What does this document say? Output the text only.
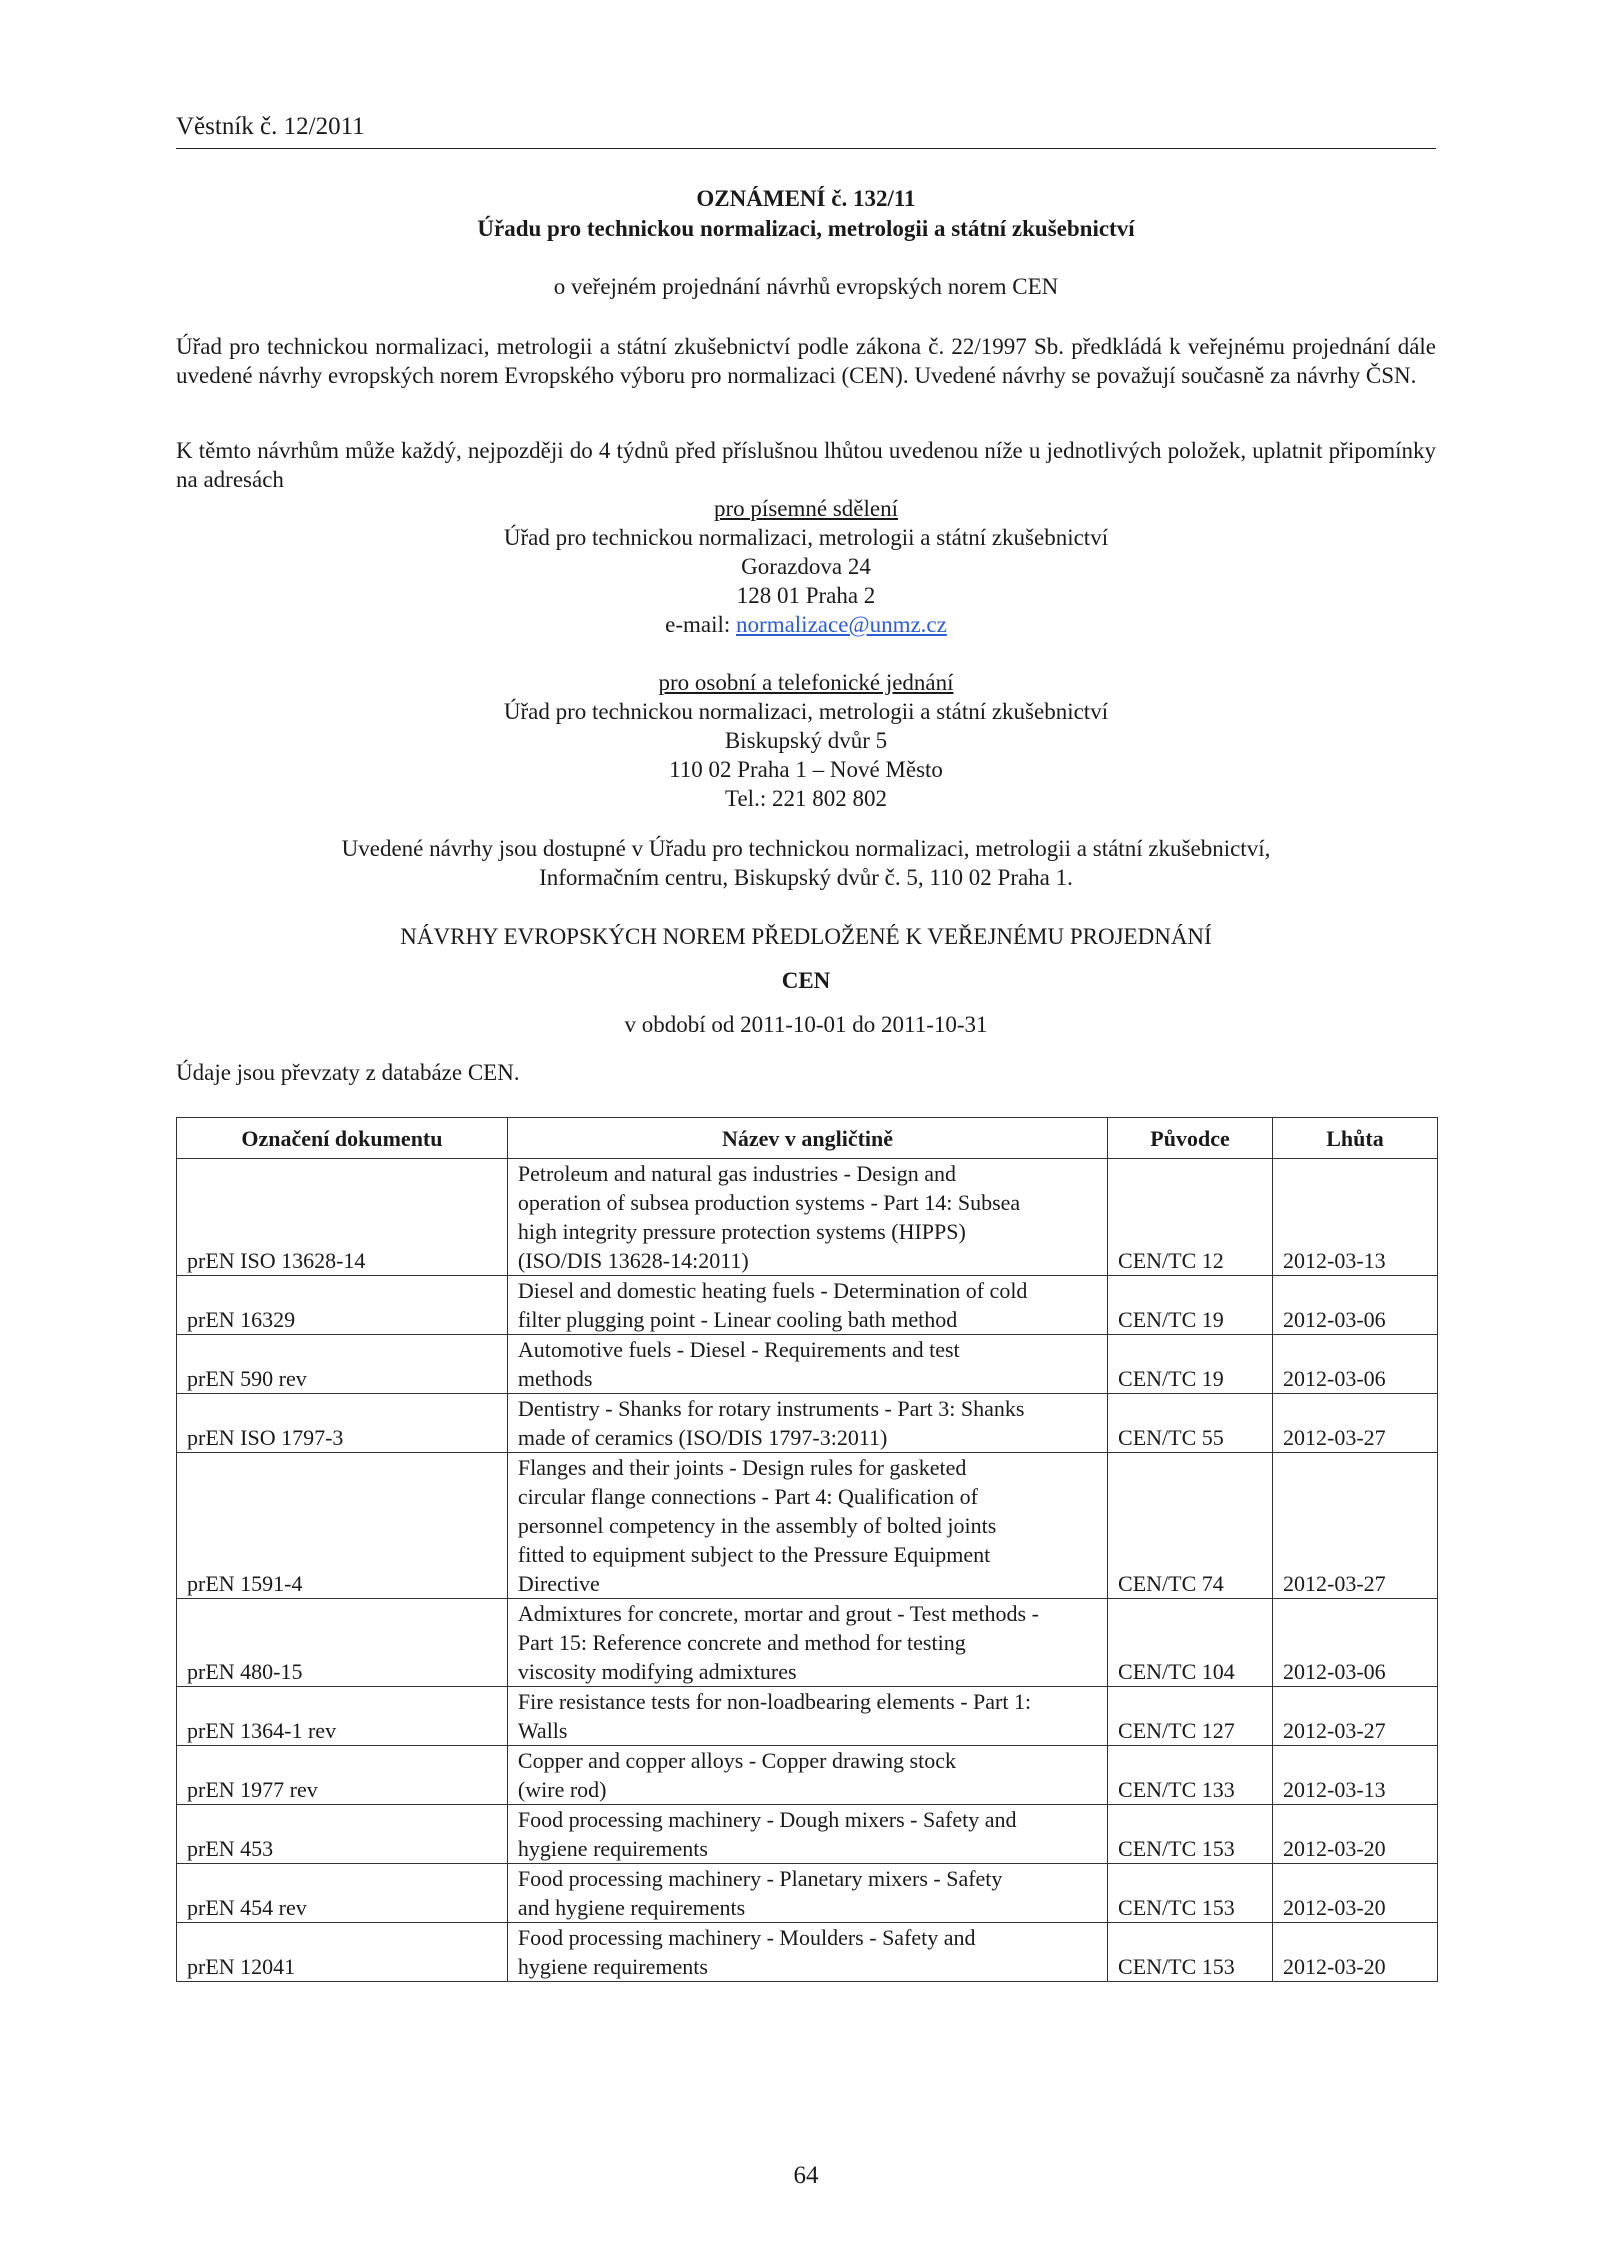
Věstník č. 12/2011
OZNÁMENÍ č. 132/11
Úřadu pro technickou normalizaci, metrologii a státní zkušebnictví
o veřejném projednání návrhů evropských norem CEN
Úřad pro technickou normalizaci, metrologii a státní zkušebnictví podle zákona č. 22/1997 Sb. předkládá k veřejnému projednání dále uvedené návrhy evropských norem Evropského výboru pro normalizaci (CEN). Uvedené návrhy se považují současně za návrhy ČSN.
K těmto návrhům může každý, nejpozději do 4 týdnů před příslušnou lhůtou uvedenou níže u jednotlivých položek, uplatnit připomínky na adresách
pro písemné sdělení
Úřad pro technickou normalizaci, metrologii a státní zkušebnictví
Gorazdova 24
128 01 Praha 2
e-mail: normalizace@unmz.cz
pro osobní a telefonické jednání
Úřad pro technickou normalizaci, metrologii a státní zkušebnictví
Biskupský dvůr 5
110 02 Praha 1 – Nové Město
Tel.: 221 802 802
Uvedené návrhy jsou dostupné v Úřadu pro technickou normalizaci, metrologii a státní zkušebnictví,
Informačním centru, Biskupský dvůr č. 5, 110 02 Praha 1.
NÁVRHY EVROPSKÝCH NOREM PŘEDLOŽENÉ K VEŘEJNÉMU PROJEDNÁNÍ
CEN
v období od 2011-10-01 do 2011-10-31
Údaje jsou převzaty z databáze CEN.
Označení dokumentu	Název v angličtině	Původce	Lhůta
prEN ISO 13628-14	Petroleum and natural gas industries - Design and
operation of subsea production systems - Part 14: Subsea
high integrity pressure protection systems (HIPPS)
(ISO/DIS 13628-14:2011)	CEN/TC 12	2012-03-13
prEN 16329	Diesel and domestic heating fuels - Determination of cold
filter plugging point - Linear cooling bath method	CEN/TC 19	2012-03-06
prEN 590 rev	Automotive fuels - Diesel - Requirements and test
methods	CEN/TC 19	2012-03-06
prEN ISO 1797-3	Dentistry - Shanks for rotary instruments - Part 3: Shanks
made of ceramics (ISO/DIS 1797-3:2011)	CEN/TC 55	2012-03-27
prEN 1591-4	Flanges and their joints - Design rules for gasketed
circular flange connections - Part 4: Qualification of
personnel competency in the assembly of bolted joints
fitted to equipment subject to the Pressure Equipment
Directive	CEN/TC 74	2012-03-27
prEN 480-15	Admixtures for concrete, mortar and grout - Test methods -
Part 15: Reference concrete and method for testing
viscosity modifying admixtures	CEN/TC 104	2012-03-06
prEN 1364-1 rev	Fire resistance tests for non-loadbearing elements - Part 1:
Walls	CEN/TC 127	2012-03-27
prEN 1977 rev	Copper and copper alloys - Copper drawing stock
(wire rod)	CEN/TC 133	2012-03-13
prEN 453	Food processing machinery - Dough mixers - Safety and
hygiene requirements	CEN/TC 153	2012-03-20
prEN 454 rev	Food processing machinery - Planetary mixers - Safety
and hygiene requirements	CEN/TC 153	2012-03-20
prEN 12041	Food processing machinery - Moulders - Safety and
hygiene requirements	CEN/TC 153	2012-03-20
64
